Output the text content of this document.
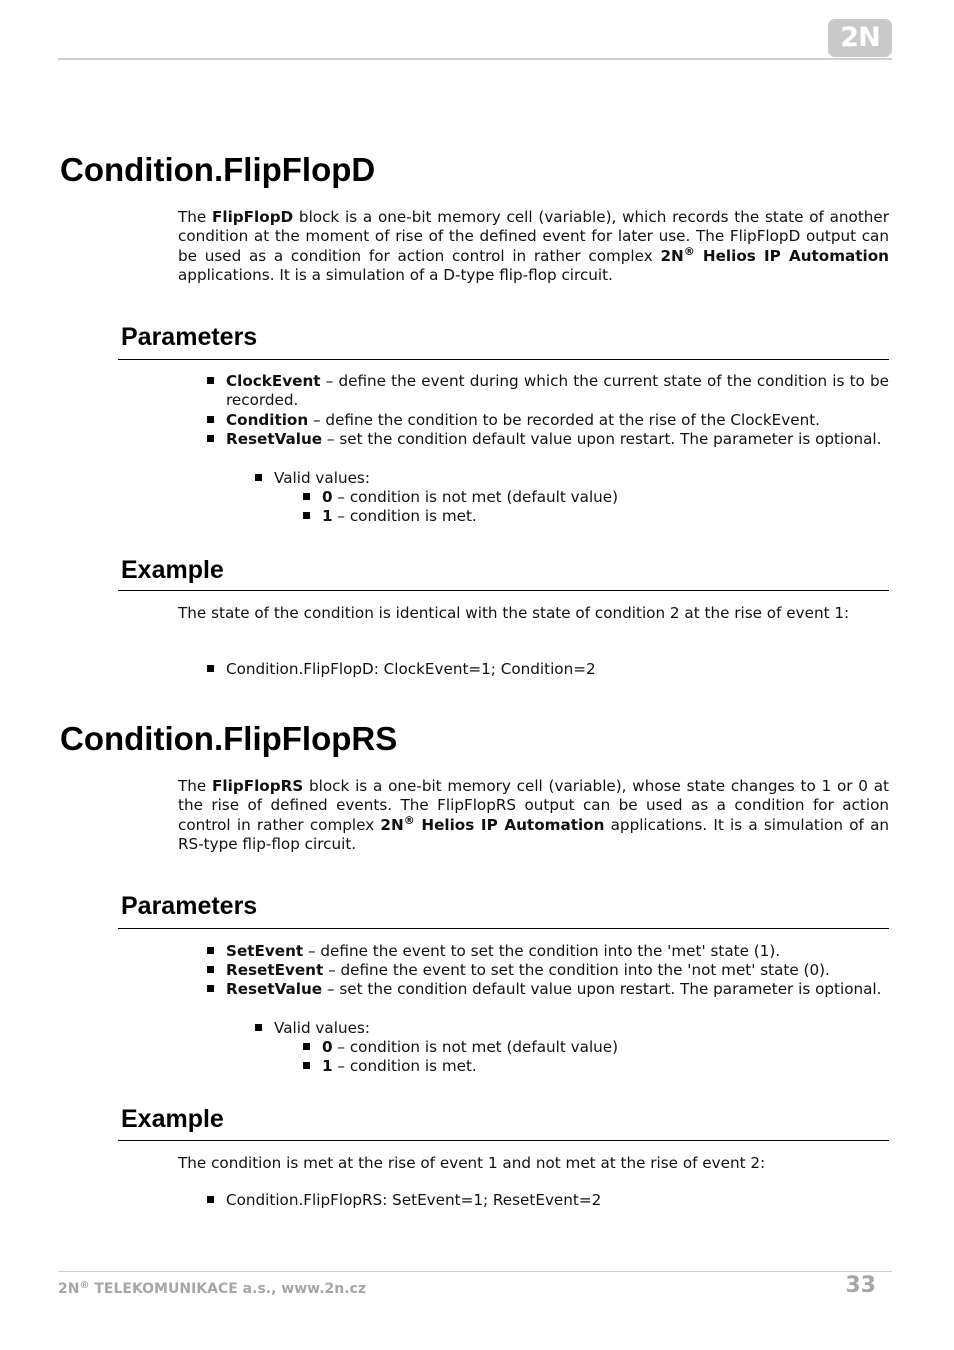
2N
Condition.FlipFlopD
The FlipFlopD block is a one-bit memory cell (variable), which records the state of another condition at the moment of rise of the defined event for later use. The FlipFlopD output can be used as a condition for action control in rather complex 2N® Helios IP Automation applications. It is a simulation of a D-type flip-flop circuit.
Parameters
ClockEvent – define the event during which the current state of the condition is to be recorded.
Condition – define the condition to be recorded at the rise of the ClockEvent.
ResetValue – set the condition default value upon restart. The parameter is optional.
Valid values:
0 – condition is not met (default value)
1 – condition is met.
Example
The state of the condition is identical with the state of condition 2 at the rise of event 1:
Condition.FlipFlopD: ClockEvent=1; Condition=2
Condition.FlipFlopRS
The FlipFlopRS block is a one-bit memory cell (variable), whose state changes to 1 or 0 at the rise of defined events. The FlipFlopRS output can be used as a condition for action control in rather complex 2N® Helios IP Automation applications. It is a simulation of an RS-type flip-flop circuit.
Parameters
SetEvent – define the event to set the condition into the 'met' state (1).
ResetEvent – define the event to set the condition into the 'not met' state (0).
ResetValue – set the condition default value upon restart. The parameter is optional.
Valid values:
0 – condition is not met (default value)
1 – condition is met.
Example
The condition is met at the rise of event 1 and not met at the rise of event 2:
Condition.FlipFlopRS: SetEvent=1; ResetEvent=2
2N® TELEKOMUNIKACE a.s., www.2n.cz	33
